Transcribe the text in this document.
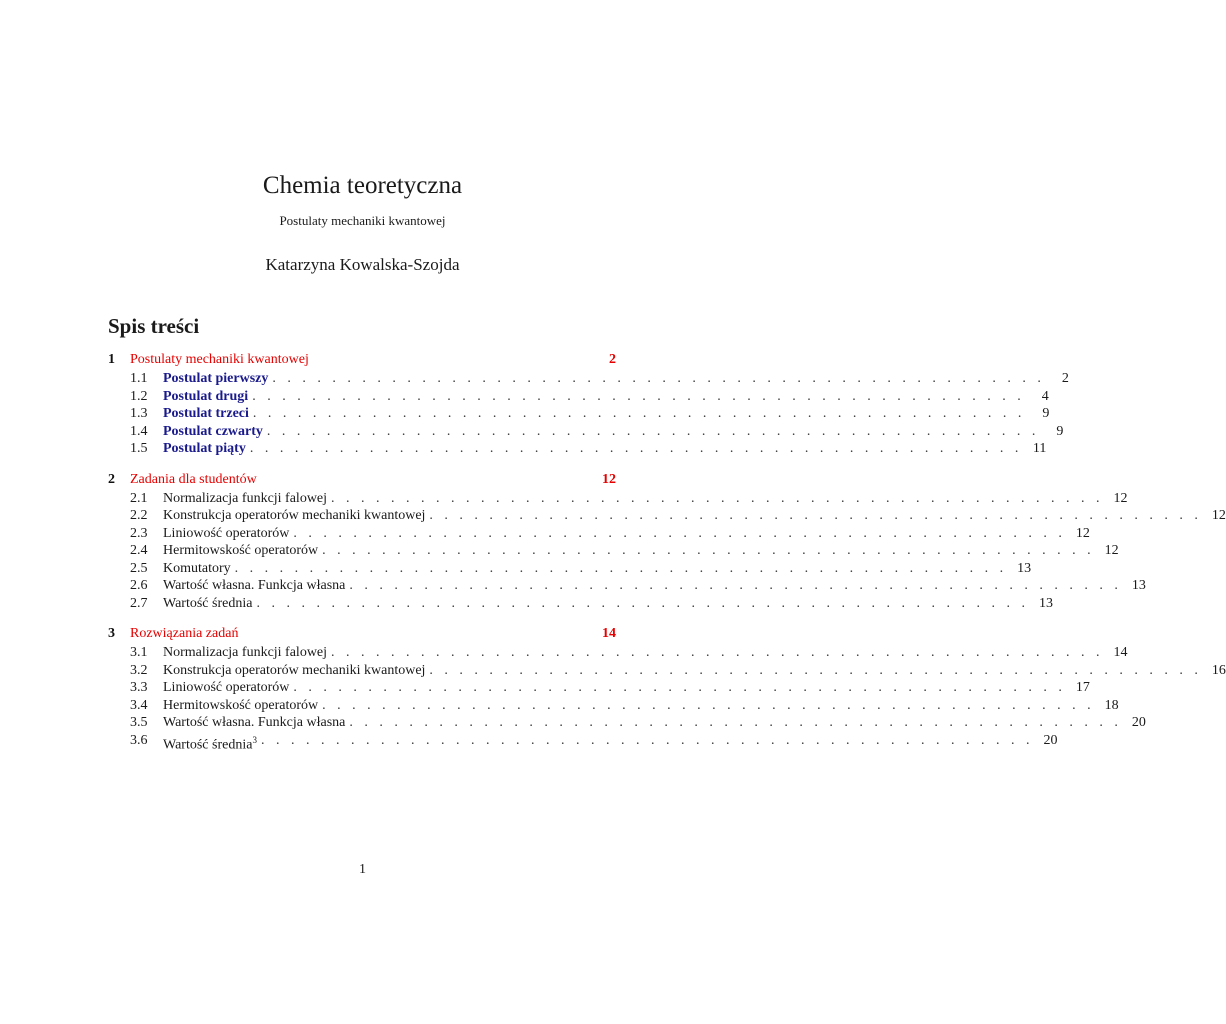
Chemia teoretyczna
Postulaty mechaniki kwantowej
Katarzyna Kowalska-Szojda
Spis treści
1 Postulaty mechaniki kwantowej	2
1.1	Postulat pierwszy . . . . . . . . . . . . . . . . . . . . . . . . . . . . . . . . . . . . . . . . . . . . . . . . . . . .	2
1.2	Postulat drugi . . . . . . . . . . . . . . . . . . . . . . . . . . . . . . . . . . . . . . . . . . . . . . . . . . . .	4
1.3	Postulat trzeci . . . . . . . . . . . . . . . . . . . . . . . . . . . . . . . . . . . . . . . . . . . . . . . . . . . .	9
1.4	Postulat czwarty . . . . . . . . . . . . . . . . . . . . . . . . . . . . . . . . . . . . . . . . . . . . . . . . . . . .	9
1.5	Postulat piąty . . . . . . . . . . . . . . . . . . . . . . . . . . . . . . . . . . . . . . . . . . . . . . . . . . . . 11
2 Zadania dla studentów	12
2.1	Normalizacja funkcji falowej . . . . . . . . . . . . . . . . . . . . . . . . . . . . . . . . . . . . . . . . . . . . . . . . . . . . 12
2.2	Konstrukcja operatorów mechaniki kwantowej . . . . . . . . . . . . . . . . . . . . . . . . . . . . . . . . . . . . . . . . . . . . . . . . . . . . 12
2.3	Liniowość operatorów . . . . . . . . . . . . . . . . . . . . . . . . . . . . . . . . . . . . . . . . . . . . . . . . . . . . 12
2.4	Hermitowskość operatorów . . . . . . . . . . . . . . . . . . . . . . . . . . . . . . . . . . . . . . . . . . . . . . . . . . . . 12
2.5	Komutatory . . . . . . . . . . . . . . . . . . . . . . . . . . . . . . . . . . . . . . . . . . . . . . . . . . . . 13
2.6	Wartość własna. Funkcja własna . . . . . . . . . . . . . . . . . . . . . . . . . . . . . . . . . . . . . . . . . . . . . . . . . . . . 13
2.7	Wartość średnia . . . . . . . . . . . . . . . . . . . . . . . . . . . . . . . . . . . . . . . . . . . . . . . . . . . . 13
3 Rozwiązania zadań	14
3.1	Normalizacja funkcji falowej . . . . . . . . . . . . . . . . . . . . . . . . . . . . . . . . . . . . . . . . . . . . . . . . . . . . 14
3.2	Konstrukcja operatorów mechaniki kwantowej . . . . . . . . . . . . . . . . . . . . . . . . . . . . . . . . . . . . . . . . . . . . . . . . . . . . 16
3.3	Liniowość operatorów . . . . . . . . . . . . . . . . . . . . . . . . . . . . . . . . . . . . . . . . . . . . . . . . . . . . 17
3.4	Hermitowskość operatorów . . . . . . . . . . . . . . . . . . . . . . . . . . . . . . . . . . . . . . . . . . . . . . . . . . . . 18
3.5	Wartość własna. Funkcja własna . . . . . . . . . . . . . . . . . . . . . . . . . . . . . . . . . . . . . . . . . . . . . . . . . . . . 20
3.6	Wartość średnia$^3$ . . . . . . . . . . . . . . . . . . . . . . . . . . . . . . . . . . . . . . . . . . . . . . . . . . . . 20
1
